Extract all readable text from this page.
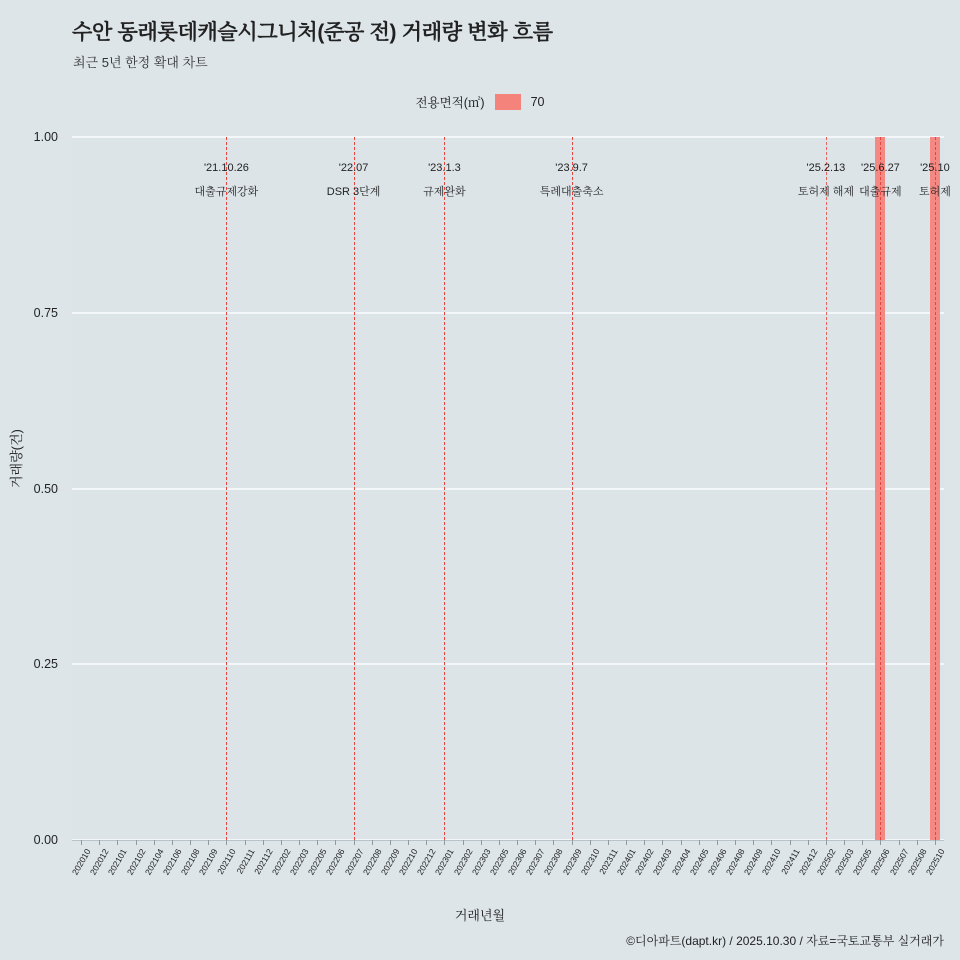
수안 동래롯데캐슬시그니처(준공 전) 거래량 변화 흐름
최근 5년 한정 확대 차트
전용면적(㎡)	70
0.00
0.25
0.50
0.75
1.00
거래량(건)
202010
202012
202101
202102
202104
202106
202108
202109
202110
202111
202112
202202
202203
202205
202206
202207
202208
202209
202210
202212
202301
202302
202303
202305
202306
202307
202308
202309
202310
202311
202401
202402
202403
202404
202405
202406
202408
202409
202410
202411
202412
202502
202503
202505
202506
202507
202508
202510
거래년월
©디아파트(dapt.kr) / 2025.10.30 / 자료=국토교통부 실거래가
'21.10.26
대출규제강화
'22.07
DSR 3단계
'23.1.3
규제완화
'23.9.7
특례대출축소
'25.2.13
토허제 해제
'25.6.27
대출규제
'25.10
토허제
